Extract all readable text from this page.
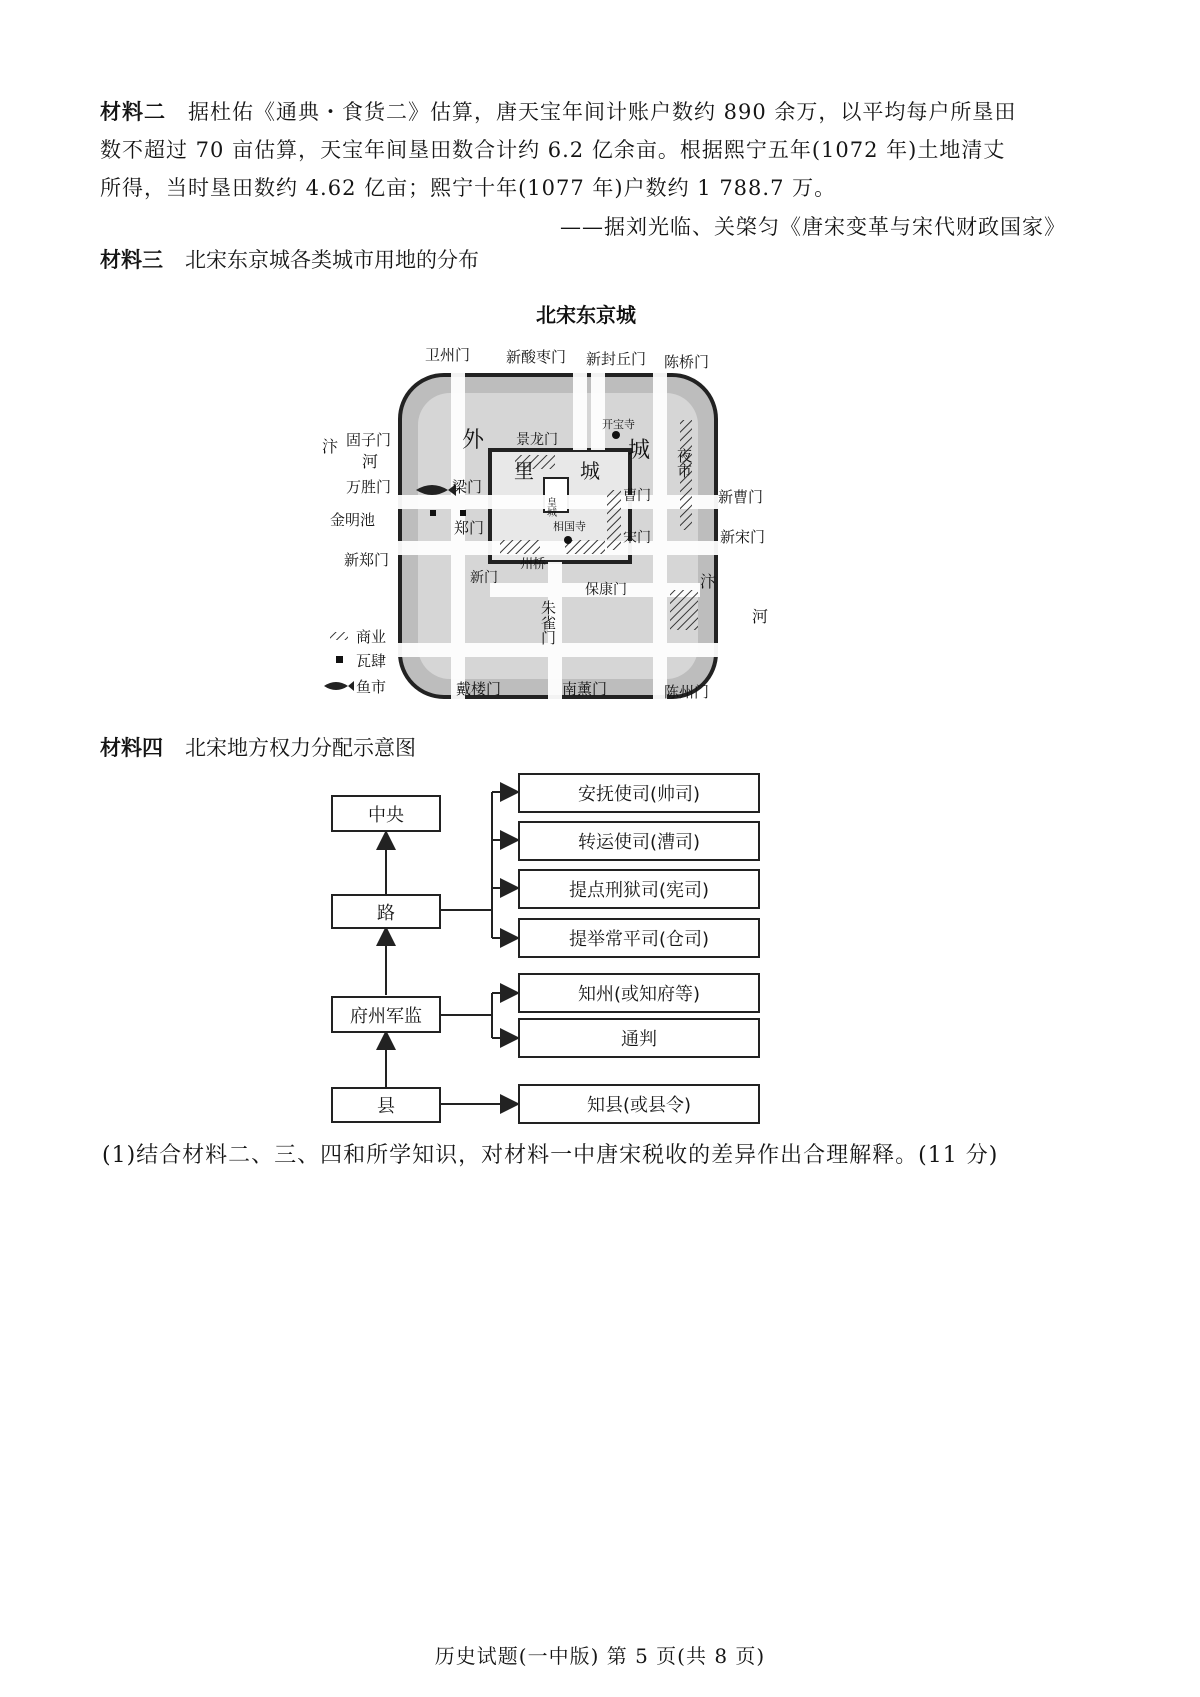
材料二 据杜佑《通典・食货二》估算，唐天宝年间计账户数约 890 余万，以平均每户所垦田
数不超过 70 亩估算，天宝年间垦田数合计约 6.2 亿余亩。根据熙宁五年(1072 年)土地清丈
所得，当时垦田数约 4.62 亿亩；熙宁十年(1077 年)户数约 1 788.7 万。
——据刘光临、关棨匀《唐宋变革与宋代财政国家》
材料三 北宋东京城各类城市用地的分布
北宋东京城
外	城
里 城
皇城
开宝寺
相国寺
夜市
汴
河
汴
河
金明池
州桥
朱雀门
卫州门 新酸枣门 新封丘门 陈桥门
固子门
万胜门
新郑门
景龙门
梁门
郑门
曹门
宋门
新门
保康门
新曹门
新宋门
戴楼门	南薰门	陈州门
商业
瓦肆
鱼市
材料四 北宋地方权力分配示意图
中央
路
府州军监
县
安抚使司(帅司)
转运使司(漕司)
提点刑狱司(宪司)
提举常平司(仓司)
知州(或知府等)
通判
知县(或县令)
(1)结合材料二、三、四和所学知识，对材料一中唐宋税收的差异作出合理解释。(11 分)
历史试题(一中版) 第 5 页(共 8 页)
